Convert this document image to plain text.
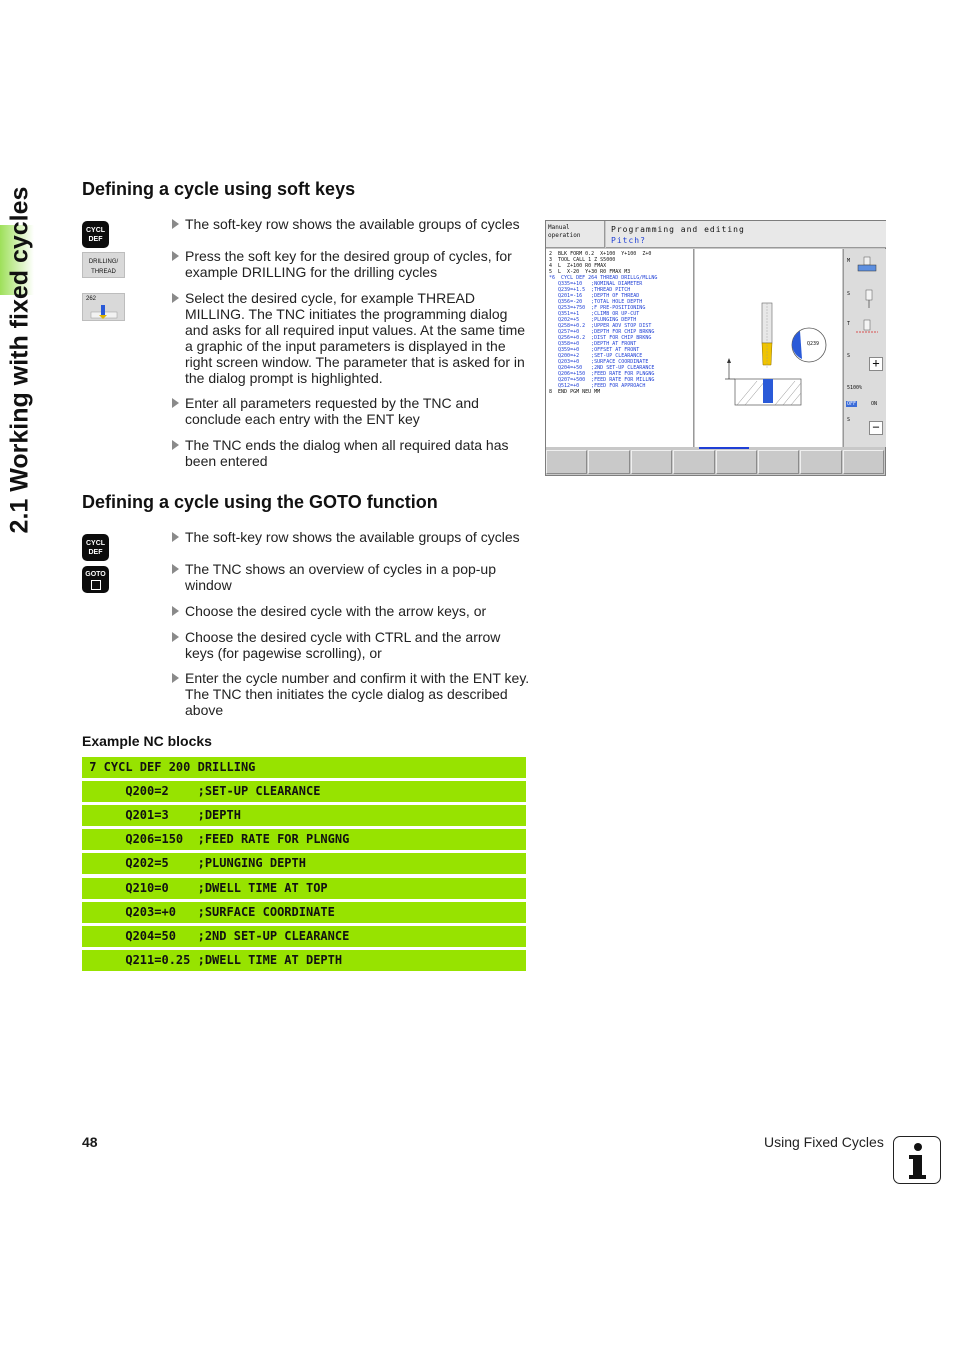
2.1 Working with fixed cycles	Defining a cycle using soft keys
CYCL
DEF
DRILLING/
THREAD
262
The soft-key row shows the available groups of cycles
Press the soft key for the desired group of cycles, for example DRILLING for the drilling cycles
Select the desired cycle, for example THREAD MILLING. The TNC initiates the programming dialog and asks for all required input values. At the same time a graphic of the input parameters is displayed in the right screen window. The parameter that is asked for in the dialog prompt is highlighted.
Enter all parameters requested by the TNC and conclude each entry with the ENT key
The TNC ends the dialog when all required data has been entered
Defining a cycle using the GOTO function
CYCL
DEF
GOTO

The soft-key row shows the available groups of cycles
The TNC shows an overview of cycles in a pop-up window
Choose the desired cycle with the arrow keys, or
Choose the desired cycle with CTRL and the arrow keys (for pagewise scrolling), or
Enter the cycle number and confirm it with the ENT key. The TNC then initiates the cycle dialog as described above
Manual
operation
Programming and editing
Pitch?
2  BLK FORM 0.2  X+100  Y+100  Z+0
3  TOOL CALL 1 Z S5000
4  L  Z+100 R0 FMAX
5  L  X-20  Y+30 R0 FMAX M3
*6  CYCL DEF 264 THREAD DRILLG/MLLNG
Q335=+10   ;NOMINAL DIAMETER
Q239=+1.5  ;THREAD PITCH
Q201=-16   ;DEPTH OF THREAD
Q356=-20   ;TOTAL HOLE DEPTH
Q253=+750  ;F PRE-POSITIONING
Q351=+1    ;CLIMB OR UP-CUT
Q202=+5    ;PLUNGING DEPTH
Q258=+0.2  ;UPPER ADV STOP DIST
Q257=+0    ;DEPTH FOR CHIP BRKNG
Q256=+0.2  ;DIST FOR CHIP BRKNG
Q358=+0    ;DEPTH AT FRONT
Q359=+0    ;OFFSET AT FRONT
Q200=+2    ;SET-UP CLEARANCE
Q203=+0    ;SURFACE COORDINATE
Q204=+50   ;2ND SET-UP CLEARANCE
Q206=+150  ;FEED RATE FOR PLNGNG
Q207=+500  ;FEED RATE FOR MILLNG
Q512=+0    ;FEED FOR APPROACH
8  END PGM NEU MM
Q239
M
S
T
S +
5100%
OFF	ON
S −
Example NC blocks
7 CYCL DEF 200 DRILLING
Q200=2    ;SET-UP CLEARANCE
Q201=3    ;DEPTH
Q206=150  ;FEED RATE FOR PLNGNG
Q202=5    ;PLUNGING DEPTH
Q210=0    ;DWELL TIME AT TOP
Q203=+0   ;SURFACE COORDINATE
Q204=50   ;2ND SET-UP CLEARANCE
Q211=0.25 ;DWELL TIME AT DEPTH
48	Using Fixed Cycles
